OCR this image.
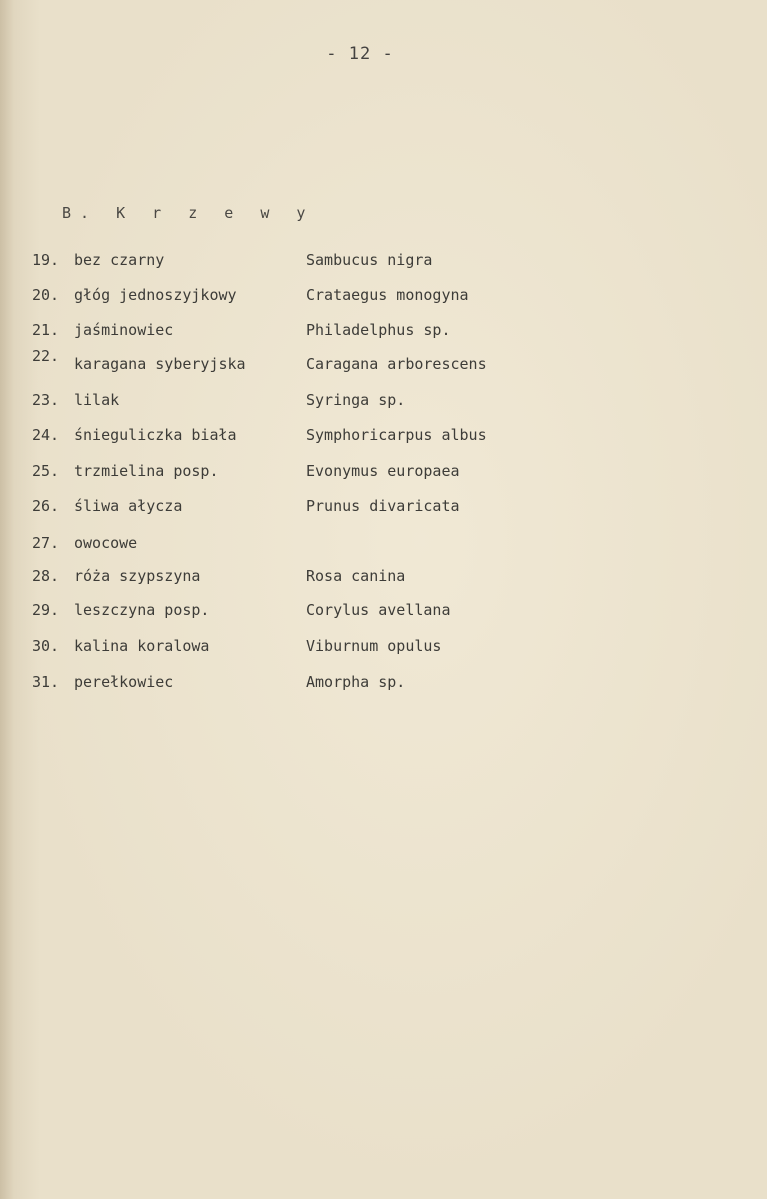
- 12 -
B. K r z e w y
19. bez czarny	Sambucus nigra
20. głóg jednoszyjkowy	Crataegus monogyna
21. jaśminowiec	Philadelphus sp.
22. karagana syberyjska	Caragana arborescens
23. lilak	Syringa sp.
24. śnieguliczka biała	Symphoricarpus albus
25. trzmielina posp.	Evonymus europaea
26. śliwa ałycza	Prunus divaricata
27. owocowe
28. róża szypszyna	Rosa canina
29. leszczyna posp.	Corylus avellana
30. kalina koralowa	Viburnum opulus
31. perełkowiec	Amorpha sp.
